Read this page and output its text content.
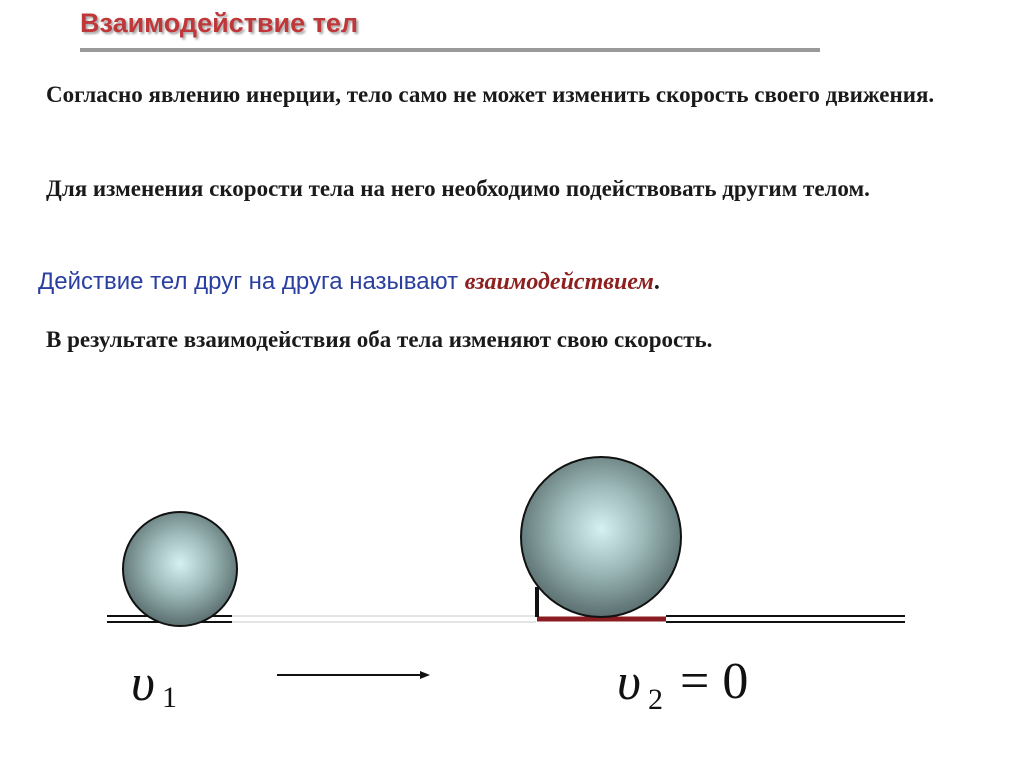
Взаимодействие тел

Согласно явлению инерции, тело само не может изменить скорость своего движения.

Для изменения скорости тела на него необходимо подействовать другим телом.

Действие тел друг на друга называют взаимодействием.

В результате взаимодействия оба тела изменяют свою скорость.

υ 1	υ 2 = 0
